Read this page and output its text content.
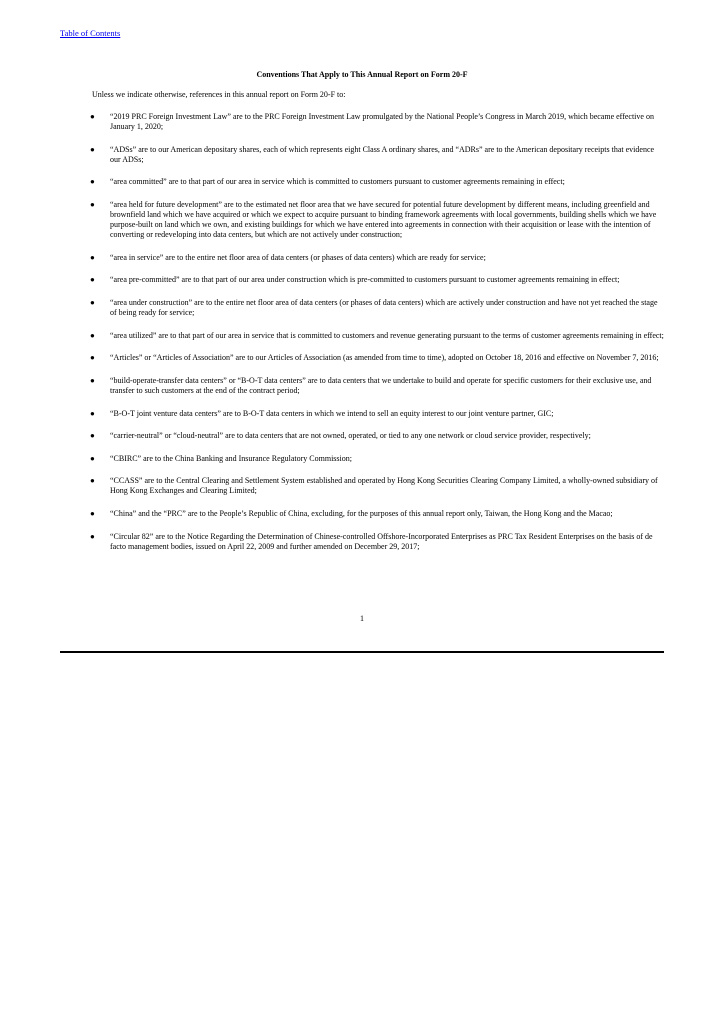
Table of Contents
Conventions That Apply to This Annual Report on Form 20-F
Unless we indicate otherwise, references in this annual report on Form 20-F to:
● “2019 PRC Foreign Investment Law” are to the PRC Foreign Investment Law promulgated by the National People’s Congress in March 2019, which became effective on January 1, 2020;
● “ADSs” are to our American depositary shares, each of which represents eight Class A ordinary shares, and “ADRs” are to the American depositary receipts that evidence our ADSs;
● “area committed” are to that part of our area in service which is committed to customers pursuant to customer agreements remaining in effect;
● “area held for future development” are to the estimated net floor area that we have secured for potential future development by different means, including greenfield and brownfield land which we have acquired or which we expect to acquire pursuant to binding framework agreements with local governments, building shells which we have purpose-built on land which we own, and existing buildings for which we have entered into agreements in connection with their acquisition or lease with the intention of converting or redeveloping into data centers, but which are not actively under construction;
● “area in service” are to the entire net floor area of data centers (or phases of data centers) which are ready for service;
● “area pre-committed” are to that part of our area under construction which is pre-committed to customers pursuant to customer agreements remaining in effect;
● “area under construction” are to the entire net floor area of data centers (or phases of data centers) which are actively under construction and have not yet reached the stage of being ready for service;
● “area utilized” are to that part of our area in service that is committed to customers and revenue generating pursuant to the terms of customer agreements remaining in effect;
● “Articles” or “Articles of Association” are to our Articles of Association (as amended from time to time), adopted on October 18, 2016 and effective on November 7, 2016;
● “build-operate-transfer data centers” or “B-O-T data centers” are to data centers that we undertake to build and operate for specific customers for their exclusive use, and transfer to such customers at the end of the contract period;
● “B-O-T joint venture data centers” are to B-O-T data centers in which we intend to sell an equity interest to our joint venture partner, GIC;
● “carrier-neutral” or “cloud-neutral” are to data centers that are not owned, operated, or tied to any one network or cloud service provider, respectively;
● “CBIRC” are to the China Banking and Insurance Regulatory Commission;
● “CCASS” are to the Central Clearing and Settlement System established and operated by Hong Kong Securities Clearing Company Limited, a wholly-owned subsidiary of Hong Kong Exchanges and Clearing Limited;
● “China” and the “PRC” are to the People’s Republic of China, excluding, for the purposes of this annual report only, Taiwan, the Hong Kong and the Macao;
● “Circular 82” are to the Notice Regarding the Determination of Chinese-controlled Offshore-Incorporated Enterprises as PRC Tax Resident Enterprises on the basis of de facto management bodies, issued on April 22, 2009 and further amended on December 29, 2017;
1
